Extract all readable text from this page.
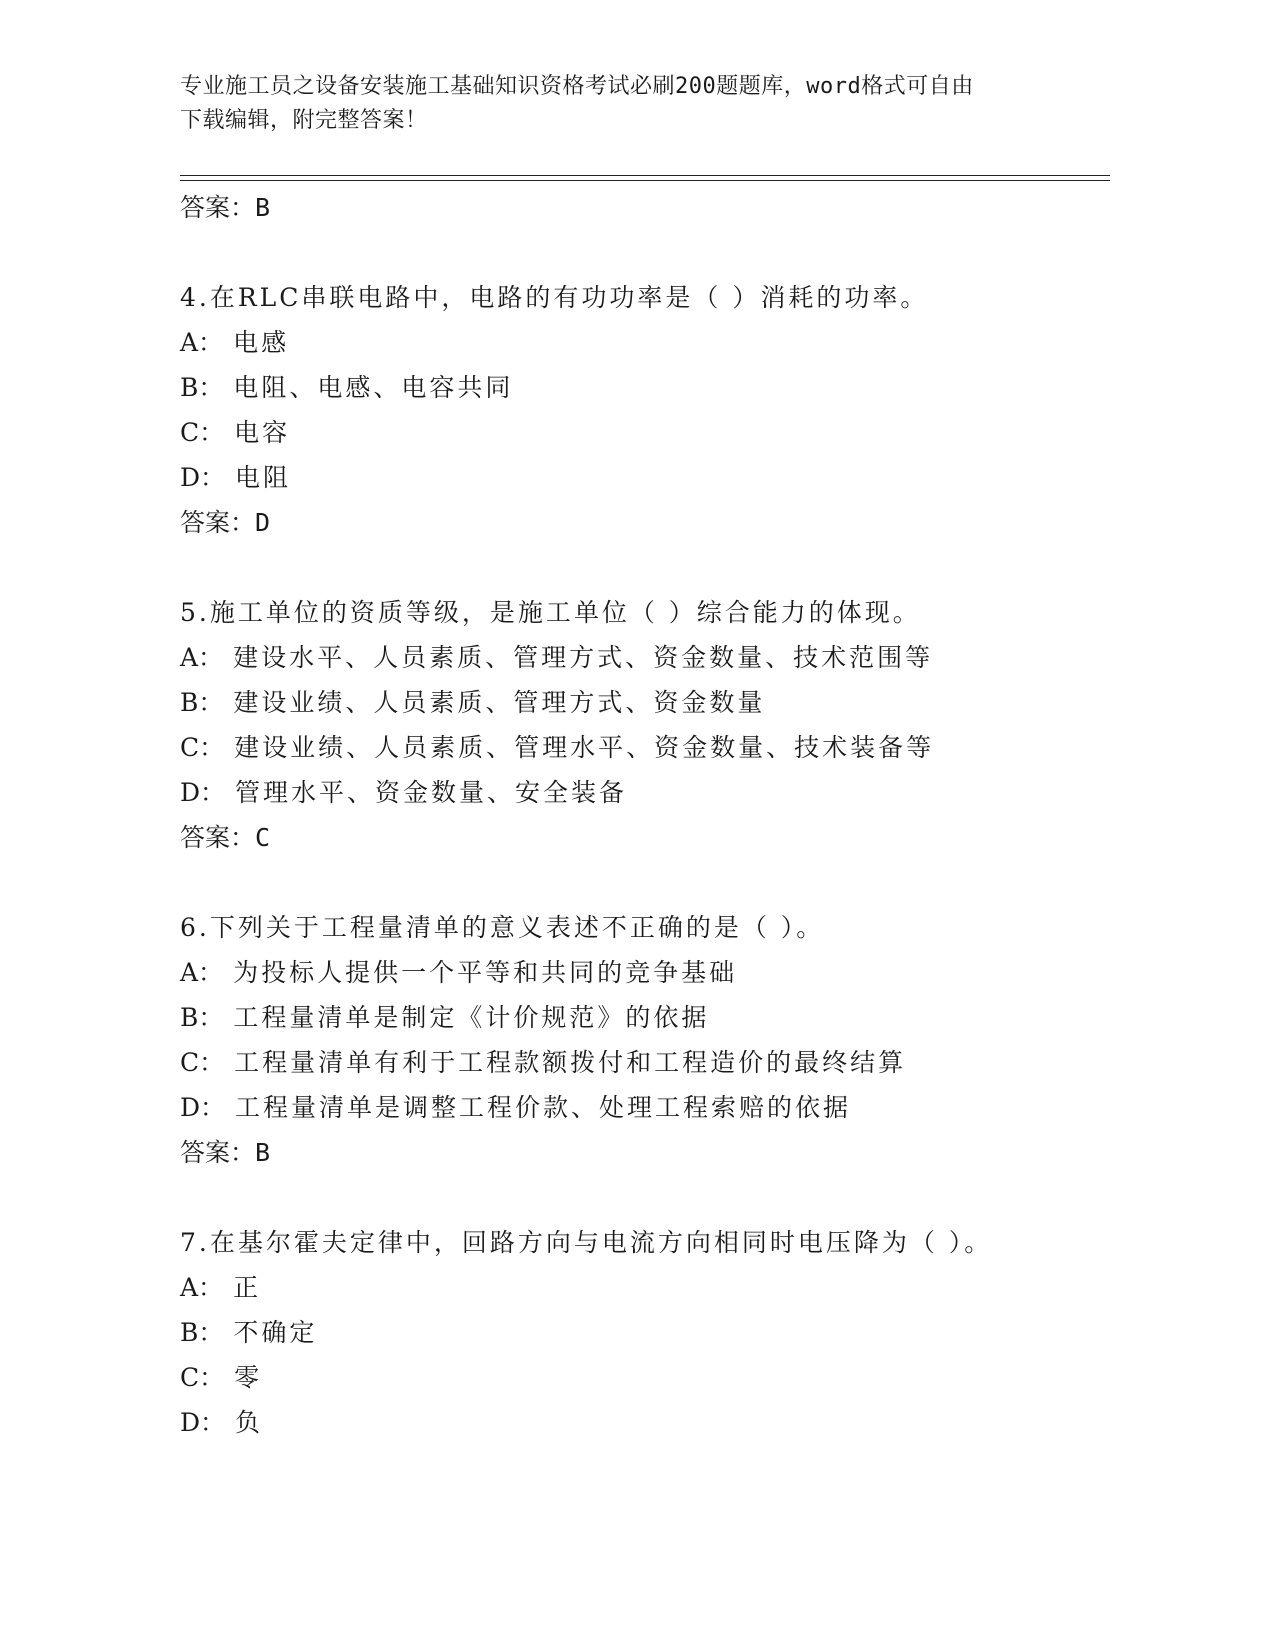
专业施工员之设备安装施工基础知识资格考试必刷200题题库，word格式可自由
下载编辑，附完整答案！
答案：B
4.在RLC串联电路中，电路的有功功率是（ ）消耗的功率。
A： 电感
B： 电阻、电感、电容共同
C： 电容
D： 电阻
答案：D
5.施工单位的资质等级，是施工单位（ ）综合能力的体现。
A： 建设水平、人员素质、管理方式、资金数量、技术范围等
B： 建设业绩、人员素质、管理方式、资金数量
C： 建设业绩、人员素质、管理水平、资金数量、技术装备等
D： 管理水平、资金数量、安全装备
答案：C
6.下列关于工程量清单的意义表述不正确的是（ ）。
A： 为投标人提供一个平等和共同的竞争基础
B： 工程量清单是制定《计价规范》的依据
C： 工程量清单有利于工程款额拨付和工程造价的最终结算
D： 工程量清单是调整工程价款、处理工程索赔的依据
答案：B
7.在基尔霍夫定律中，回路方向与电流方向相同时电压降为（ ）。
A： 正
B： 不确定
C： 零
D： 负
